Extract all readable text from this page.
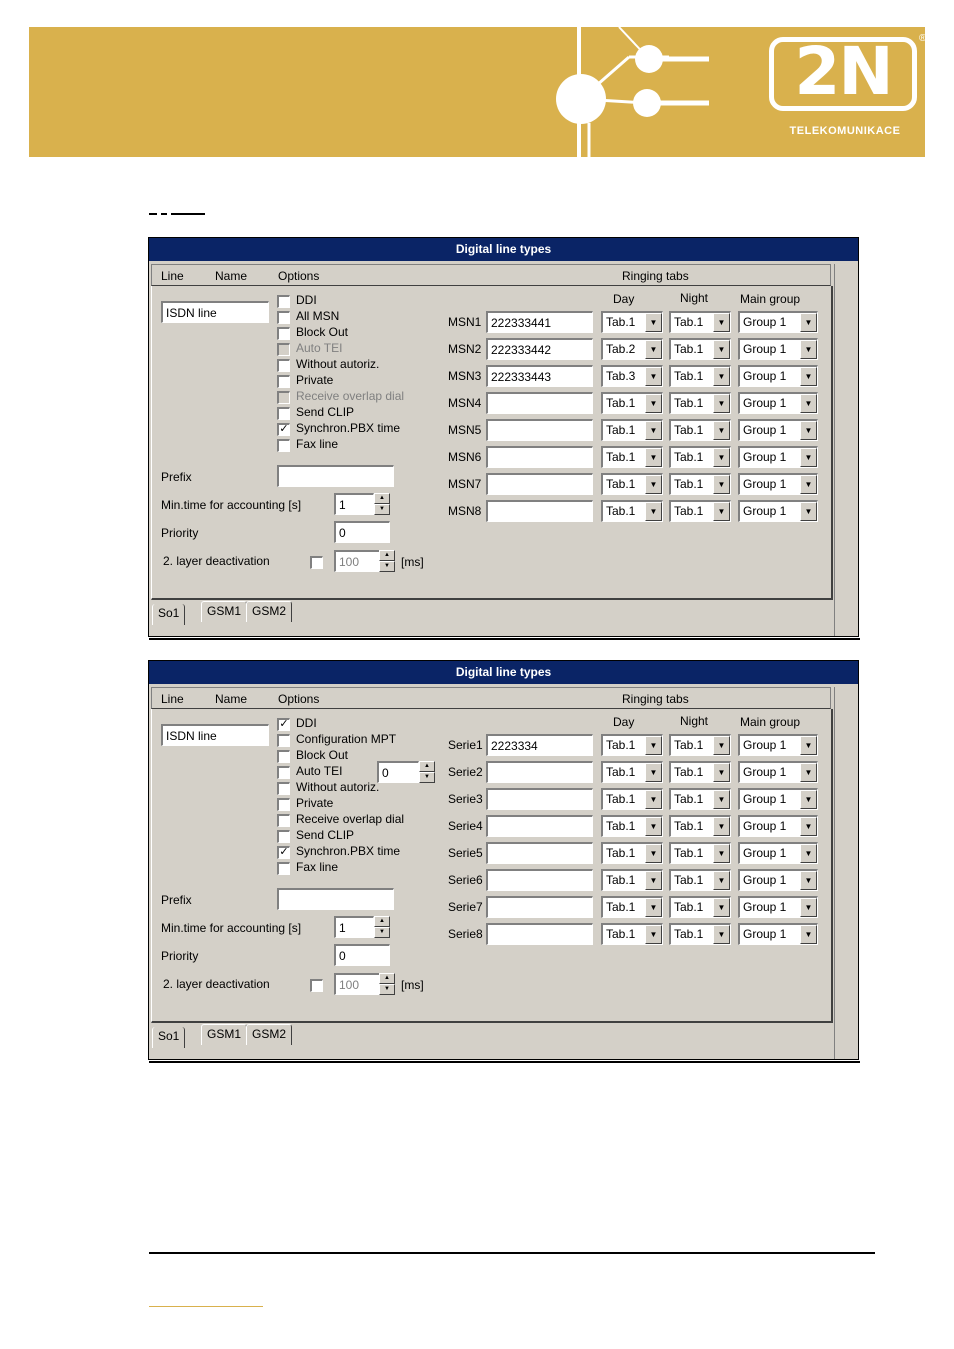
2N
TELEKOMUNIKACE
®
Digital line types
Line	Name	Options	Ringing tabs
ISDN line
DDI
All MSN
Block Out
Auto TEI
Without autoriz.
Private
Receive overlap dial
Send CLIP
✓ Synchron.PBX time
Fax line
Prefix
Min.time for accounting [s]	1	▲
▼
Priority	0
2. layer deactivation	100	▲
▼ [ms]
Day	Night	Main group
MSN1 222333441	Tab.1	▼	Tab.1	▼	Group 1	▼
MSN2 222333442	Tab.2	▼	Tab.1	▼	Group 1	▼
MSN3 222333443	Tab.3	▼	Tab.1	▼	Group 1	▼
MSN4	Tab.1	▼	Tab.1	▼	Group 1	▼
MSN5	Tab.1	▼	Tab.1	▼	Group 1	▼
MSN6	Tab.1	▼	Tab.1	▼	Group 1	▼
MSN7	Tab.1	▼	Tab.1	▼	Group 1	▼
MSN8	Tab.1	▼	Tab.1	▼	Group 1	▼
So1	GSM1 GSM2
Digital line types
Line	Name	Options	Ringing tabs
ISDN line
✓ DDI
Configuration MPT
Block Out
Auto TEI	0	▲
▼
Without autoriz.
Private
Receive overlap dial
Send CLIP
✓ Synchron.PBX time
Fax line
Prefix
Min.time for accounting [s]	1	▲
▼
Priority	0
2. layer deactivation	100	▲
▼ [ms]
Day	Night	Main group
Serie1 2223334	Tab.1	▼	Tab.1	▼	Group 1	▼
Serie2	Tab.1	▼	Tab.1	▼	Group 1	▼
Serie3	Tab.1	▼	Tab.1	▼	Group 1	▼
Serie4	Tab.1	▼	Tab.1	▼	Group 1	▼
Serie5	Tab.1	▼	Tab.1	▼	Group 1	▼
Serie6	Tab.1	▼	Tab.1	▼	Group 1	▼
Serie7	Tab.1	▼	Tab.1	▼	Group 1	▼
Serie8	Tab.1	▼	Tab.1	▼	Group 1	▼
So1	GSM1 GSM2
